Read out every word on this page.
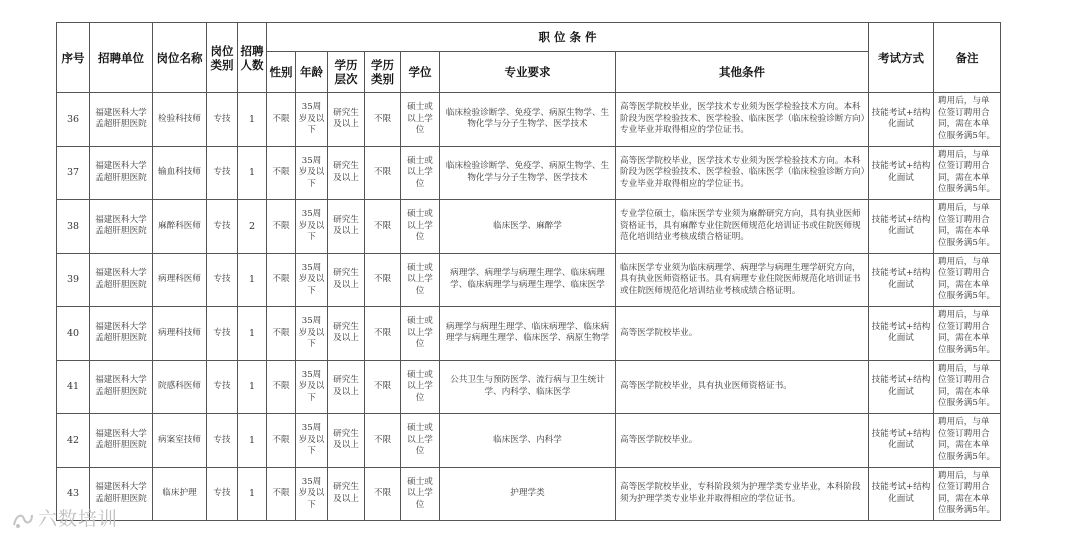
序号	招聘单位	岗位名称	岗位类别	招聘人数	职 位 条 件							考试方式	备注
					性别	年龄	学历层次	学历类别	学位	专业要求	其他条件		
36	福建医科大学孟超肝胆医院	检验科技师	专技	1	不限	35周岁及以下	研究生及以上	不限	硕士或以上学位	临床检验诊断学、免疫学、病原生物学、生物化学与分子生物学、医学技术	高等医学院校毕业，医学技术专业须为医学检验技术方向。本科阶段为医学检验技术、医学检验、临床医学（临床检验诊断方向）专业毕业并取得相应的学位证书。	技能考试+结构化面试	聘用后，与单位签订聘用合同，需在本单位服务满5年。
37	福建医科大学孟超肝胆医院	输血科技师	专技	1	不限	35周岁及以下	研究生及以上	不限	硕士或以上学位	临床检验诊断学、免疫学、病原生物学、生物化学与分子生物学、医学技术	高等医学院校毕业，医学技术专业须为医学检验技术方向。本科阶段为医学检验技术、医学检验、临床医学（临床检验诊断方向）专业毕业并取得相应的学位证书。	技能考试+结构化面试	聘用后，与单位签订聘用合同，需在本单位服务满5年。
38	福建医科大学孟超肝胆医院	麻醉科医师	专技	2	不限	35周岁及以下	研究生及以上	不限	硕士或以上学位	临床医学、麻醉学	专业学位硕士，临床医学专业须为麻醉研究方向，具有执业医师资格证书，具有麻醉专业住院医师规范化培训证书或住院医师规范化培训结业考核成绩合格证明。	技能考试+结构化面试	聘用后，与单位签订聘用合同，需在本单位服务满5年。
39	福建医科大学孟超肝胆医院	病理科医师	专技	1	不限	35周岁及以下	研究生及以上	不限	硕士或以上学位	病理学、病理学与病理生理学、临床病理学、临床病理学与病理生理学、临床医学	临床医学专业须为临床病理学、病理学与病理生理学研究方向，具有执业医师资格证书。具有病理专业住院医师规范化培训证书或住院医师规范化培训结业考核成绩合格证明。	技能考试+结构化面试	聘用后，与单位签订聘用合同，需在本单位服务满5年。
40	福建医科大学孟超肝胆医院	病理科技师	专技	1	不限	35周岁及以下	研究生及以上	不限	硕士或以上学位	病理学与病理生理学、临床病理学、临床病理学与病理生理学、临床医学、病原生物学	高等医学院校毕业。	技能考试+结构化面试	聘用后，与单位签订聘用合同，需在本单位服务满5年。
41	福建医科大学孟超肝胆医院	院感科医师	专技	1	不限	35周岁及以下	研究生及以上	不限	硕士或以上学位	公共卫生与预防医学、流行病与卫生统计学、内科学、临床医学	高等医学院校毕业，具有执业医师资格证书。	技能考试+结构化面试	聘用后，与单位签订聘用合同，需在本单位服务满5年。
42	福建医科大学孟超肝胆医院	病案室技师	专技	1	不限	35周岁及以下	研究生及以上	不限	硕士或以上学位	临床医学、内科学	高等医学院校毕业。	技能考试+结构化面试	聘用后，与单位签订聘用合同，需在本单位服务满5年。
43	福建医科大学孟超肝胆医院	临床护理	专技	1	不限	35周岁及以下	研究生及以上	不限	硕士或以上学位	护理学类	高等医学院校毕业，专科阶段须为护理学类专业毕业，本科阶段须为护理学类专业毕业并取得相应的学位证书。	技能考试+结构化面试	聘用后，与单位签订聘用合同，需在本单位服务满5年。
六数培训
